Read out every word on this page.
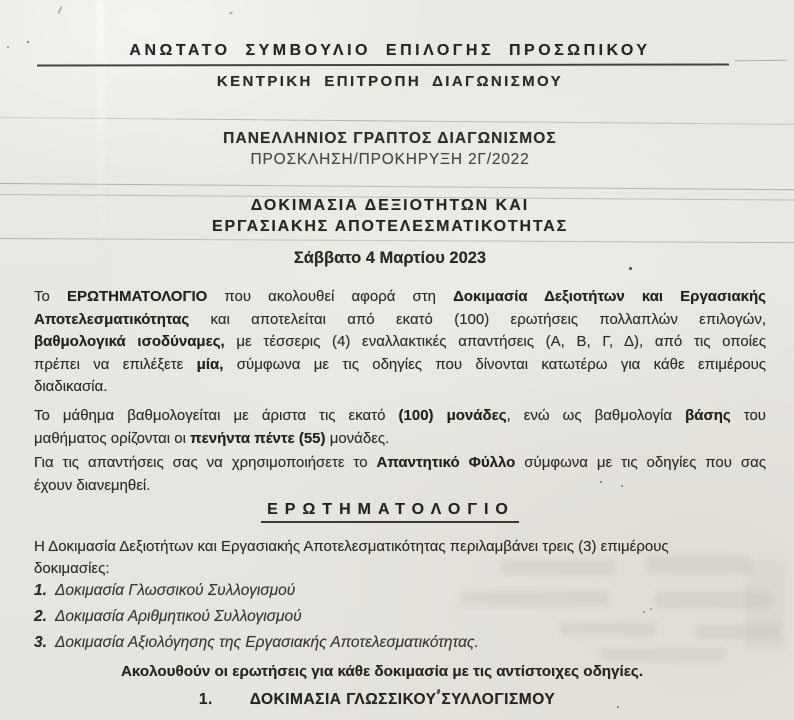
ΑΝΩΤΑΤΟ ΣΥΜΒΟΥΛΙΟ ΕΠΙΛΟΓΗΣ ΠΡΟΣΩΠΙΚΟΥ
ΚΕΝΤΡΙΚΗ ΕΠΙΤΡΟΠΗ ΔΙΑΓΩΝΙΣΜΟΥ
ΠΑΝΕΛΛΗΝΙΟΣ ΓΡΑΠΤΟΣ ΔΙΑΓΩΝΙΣΜΟΣ
ΠΡΟΣΚΛΗΣΗ/ΠΡΟΚΗΡΥΞΗ 2Γ/2022
ΔΟΚΙΜΑΣΙΑ ΔΕΞΙΟΤΗΤΩΝ ΚΑΙ
ΕΡΓΑΣΙΑΚΗΣ ΑΠΟΤΕΛΕΣΜΑΤΙΚΟΤΗΤΑΣ
Σάββατο 4 Μαρτίου 2023
Το ΕΡΩΤΗΜΑΤΟΛΟΓΙΟ που ακολουθεί αφορά στη Δοκιμασία Δεξιοτήτων και Εργασιακής
Αποτελεσματικότητας και αποτελείται από εκατό (100) ερωτήσεις πολλαπλών επιλογών,
βαθμολογικά ισοδύναμες, με τέσσερις (4) εναλλακτικές απαντήσεις (Α, Β, Γ, Δ), από τις οποίες
πρέπει να επιλέξετε μία, σύμφωνα με τις οδηγίες που δίνονται κατωτέρω για κάθε επιμέρους
διαδικασία.
Το μάθημα βαθμολογείται με άριστα τις εκατό (100) μονάδες, ενώ ως βαθμολογία βάσης του
μαθήματος ορίζονται οι πενήντα πέντε (55) μονάδες.
Για τις απαντήσεις σας να χρησιμοποιήσετε το Απαντητικό Φύλλο σύμφωνα με τις οδηγίες που σας
έχουν διανεμηθεί.
ΕΡΩΤΗΜΑΤΟΛΟΓΙΟ
Η Δοκιμασία Δεξιοτήτων και Εργασιακής Αποτελεσματικότητας περιλαμβάνει τρεις (3) επιμέρους
δοκιμασίες:
1. Δοκιμασία Γλωσσικού Συλλογισμού
2. Δοκιμασία Αριθμητικού Συλλογισμού
3. Δοκιμασία Αξιολόγησης της Εργασιακής Αποτελεσματικότητας.
Ακολουθούν οι ερωτήσεις για κάθε δοκιμασία με τις αντίστοιχες οδηγίες.
1. ΔΟΚΙΜΑΣΙΑ ΓΛΩΣΣΙΚΟΥ ΣΥΛΛΟΓΙΣΜΟΥ
